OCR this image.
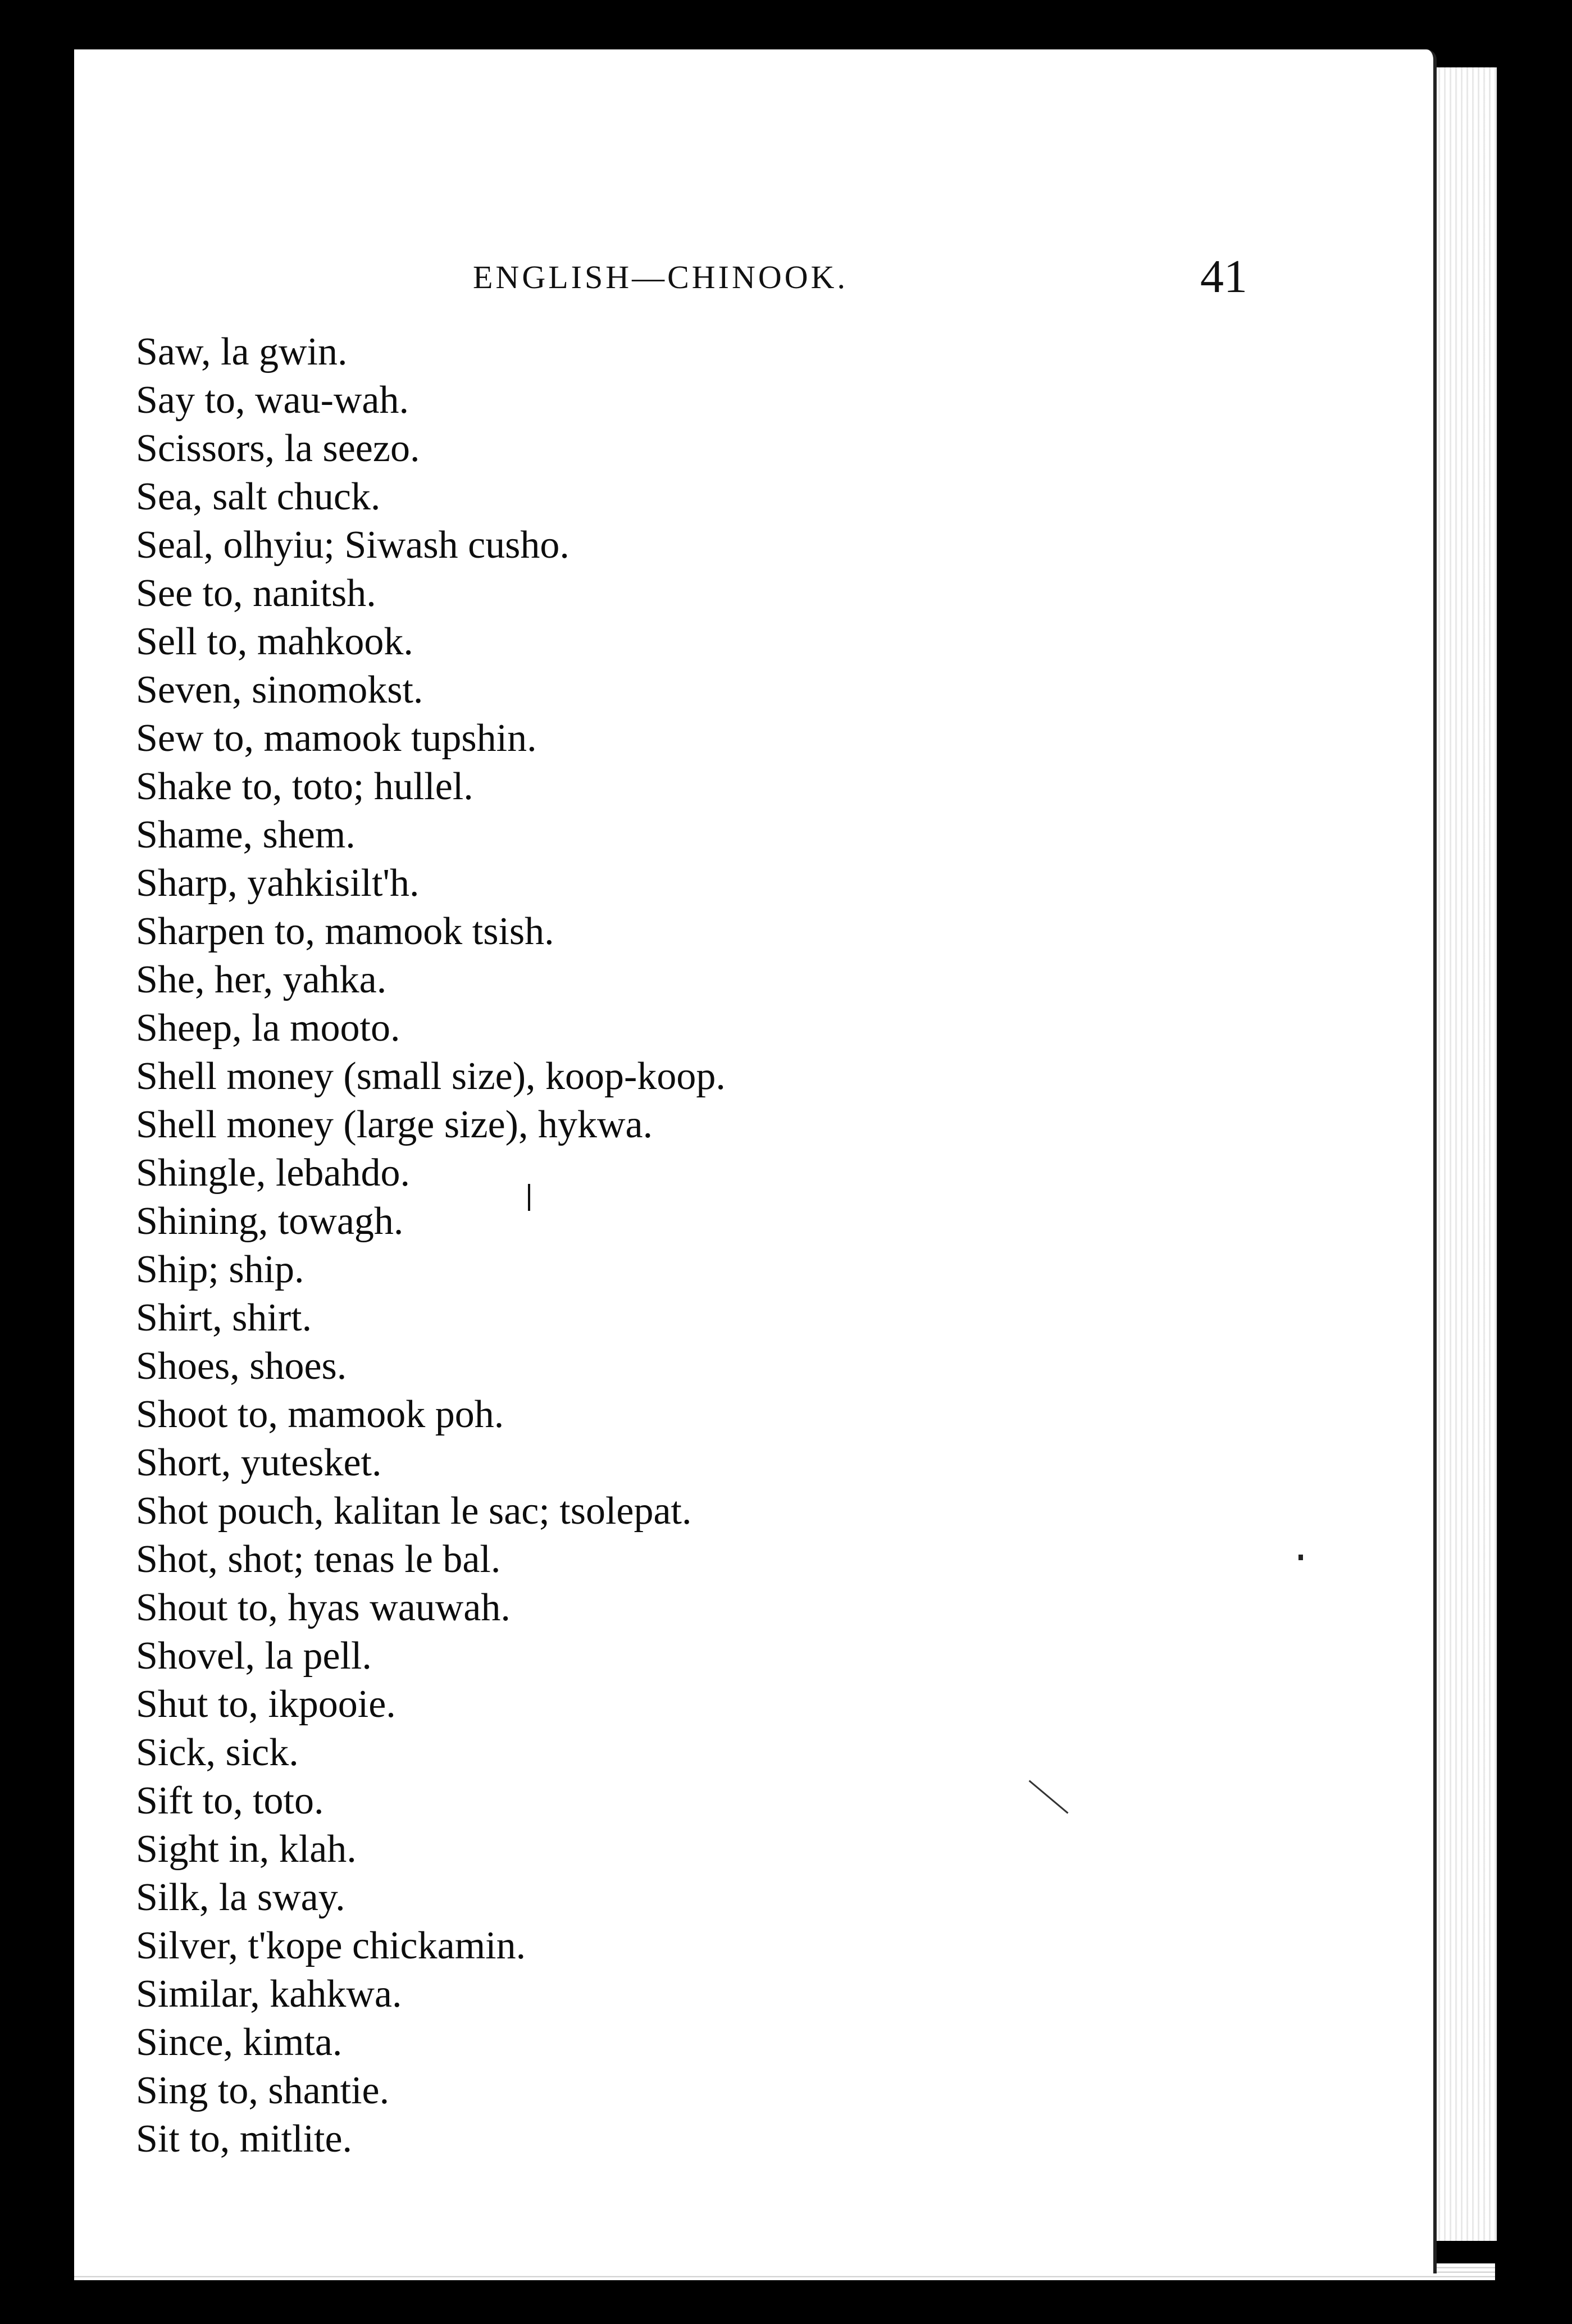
ENGLISH—CHINOOK.	41
Saw, la gwin.
Say to, wau-wah.
Scissors, la seezo.
Sea, salt chuck.
Seal, olhyiu; Siwash cusho.
See to, nanitsh.
Sell to, mahkook.
Seven, sinomokst.
Sew to, mamook tupshin.
Shake to, toto; hullel.
Shame, shem.
Sharp, yahkisilt'h.
Sharpen to, mamook tsish.
She, her, yahka.
Sheep, la mooto.
Shell money (small size), koop-koop.
Shell money (large size), hykwa.
Shingle, lebahdo.
Shining, towagh.
Ship; ship.
Shirt, shirt.
Shoes, shoes.
Shoot to, mamook poh.
Short, yutesket.
Shot pouch, kalitan le sac; tsolepat.
Shot, shot; tenas le bal.
Shout to, hyas wauwah.
Shovel, la pell.
Shut to, ikpooie.
Sick, sick.
Sift to, toto.
Sight in, klah.
Silk, la sway.
Silver, t'kope chickamin.
Similar, kahkwa.
Since, kimta.
Sing to, shantie.
Sit to, mitlite.
